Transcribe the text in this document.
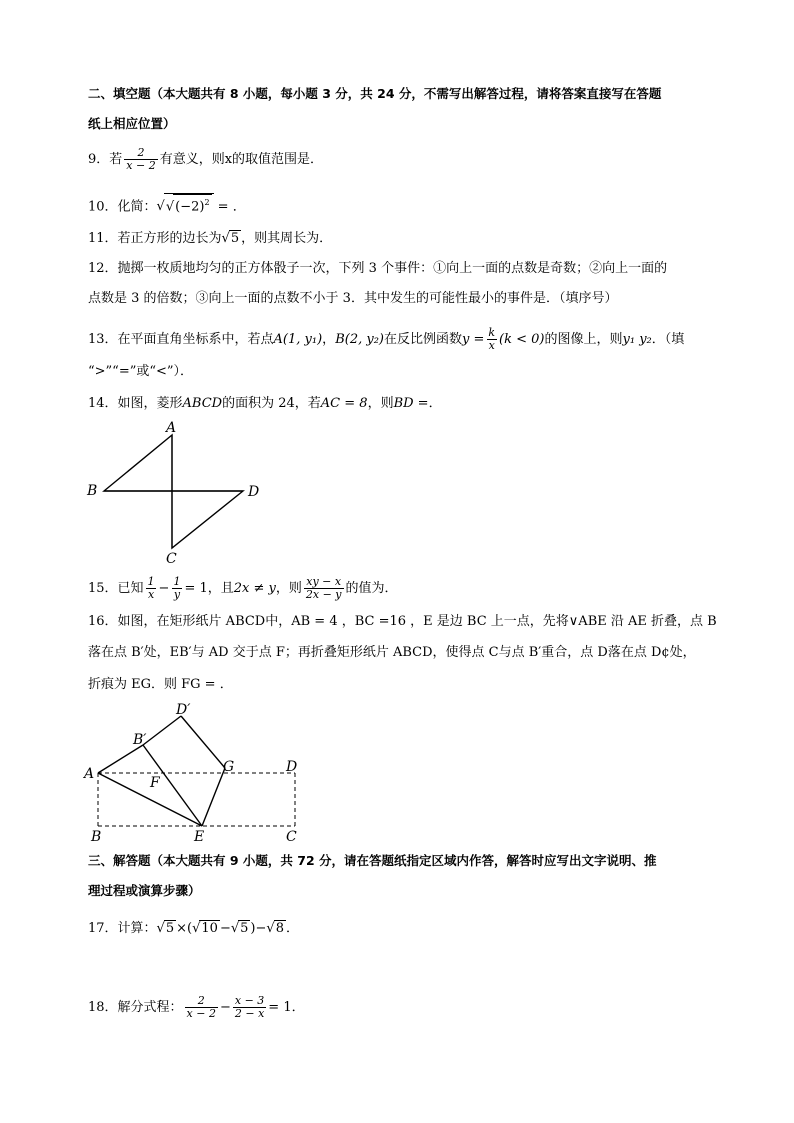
二、填空题（本大题共有 8 小题，每小题 3 分，共 24 分，不需写出解答过程，请将答案直接写在答题
纸上相应位置）
9．若 $\frac{2}{x - 2}$ 有意义，则x的取值范围是．
10．化简：$√√(-2)^2$ = ．
11．若正方形的边长为√5 ，则其周长为．
12．抛掷一枚质地均匀的正方体骰子一次，下列 3 个事件：①向上一面的点数是奇数；②向上一面的
点数是 3 的倍数；③向上一面的点数不小于 3．其中发生的可能性最小的事件是．（填序号）
13．在平面直角坐标系中，若点A(1, y₁)，B(2, y₂)在反比例函数$y = \frac{k}{x} (k < 0)$的图像上，则y₁ y₂．（填
“>”“=”或“<”）．
14．如图，菱形ABCD的面积为 24，若AC = 8，则BD =．
A
B	D
C
15．已知 $\frac{1}{x} - \frac{1}{y} = 1$，且2x ≠ y，则 $\frac{xy - x}{2x - y}$ 的值为．
16．如图，在矩形纸片 ABCD中，AB = 4 ，BC =16 ，E 是边 BC 上一点，先将∨ABE 沿 AE 折叠，点 B
落在点 B′处，EB′与 AD 交于点 F；再折叠矩形纸片 ABCD，使得点 C与点 B′重合，点 D落在点 D¢处，
折痕为 EG．则 FG = ．
A
B′
D′
G	D
F
B	E	C
三、解答题（本大题共有 9 小题，共 72 分，请在答题纸指定区域内作答，解答时应写出文字说明、推
理过程或演算步骤）
17．计算：√5 ×(√10 −√5 )−√8 ．
18．解分式程： $\frac{2}{x - 2} - \frac{x - 3}{2 - x} = 1$．
